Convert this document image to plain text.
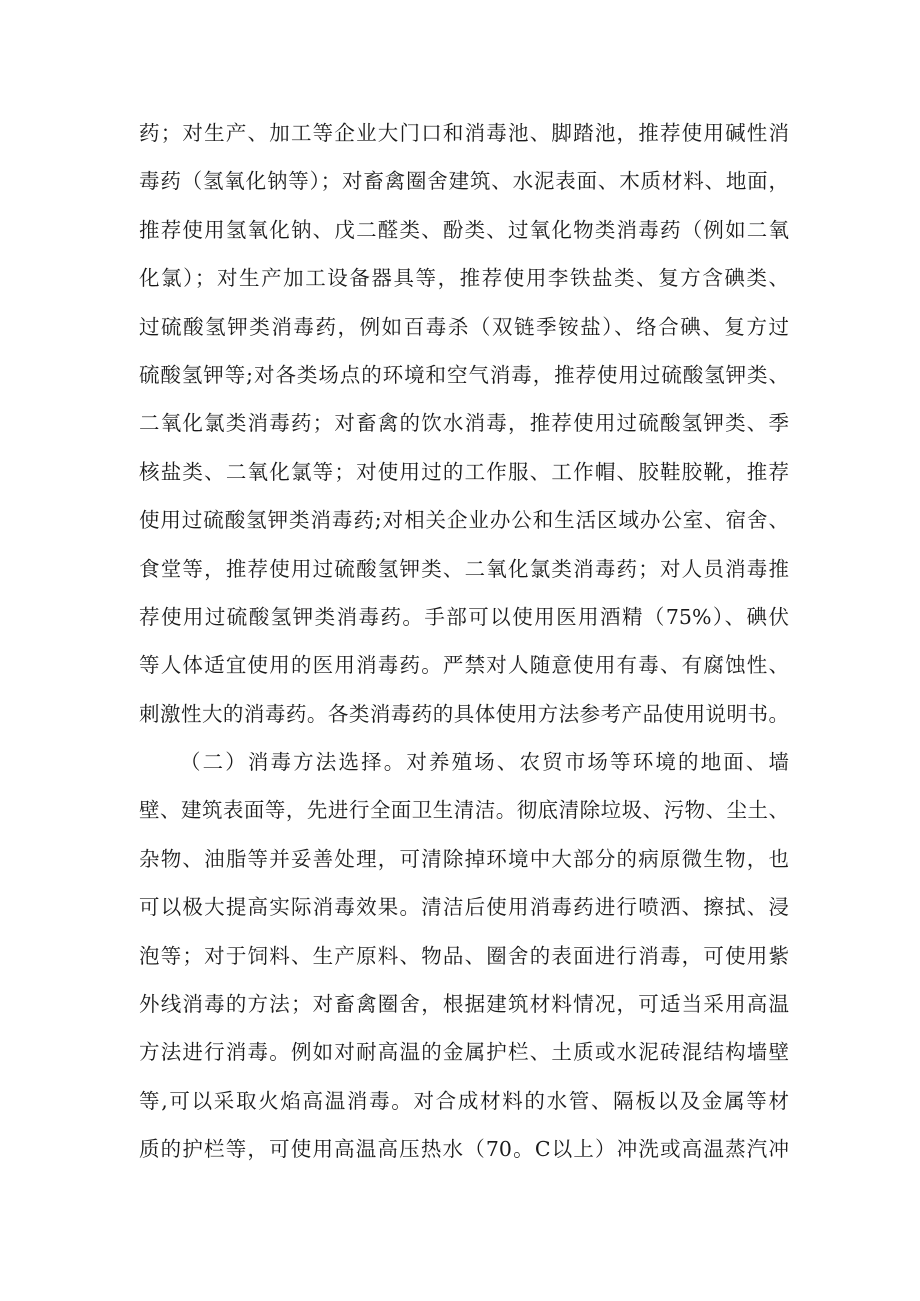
药；对生产、加工等企业大门口和消毒池、脚踏池，推荐使用碱性消
毒药（氢氧化钠等）；对畜禽圈舍建筑、水泥表面、木质材料、地面，
推荐使用氢氧化钠、戊二醛类、酚类、过氧化物类消毒药（例如二氧
化氯）；对生产加工设备器具等，推荐使用李铁盐类、复方含碘类、
过硫酸氢钾类消毒药，例如百毒杀（双链季铵盐）、络合碘、复方过
硫酸氢钾等;对各类场点的环境和空气消毒，推荐使用过硫酸氢钾类、
二氧化氯类消毒药；对畜禽的饮水消毒，推荐使用过硫酸氢钾类、季
核盐类、二氧化氯等；对使用过的工作服、工作帽、胶鞋胶靴，推荐
使用过硫酸氢钾类消毒药;对相关企业办公和生活区域办公室、宿舍、
食堂等，推荐使用过硫酸氢钾类、二氧化氯类消毒药；对人员消毒推
荐使用过硫酸氢钾类消毒药。手部可以使用医用酒精（75%）、碘伏
等人体适宜使用的医用消毒药。严禁对人随意使用有毒、有腐蚀性、
刺激性大的消毒药。各类消毒药的具体使用方法参考产品使用说明书。
（二）消毒方法选择。对养殖场、农贸市场等环境的地面、墙
壁、建筑表面等，先进行全面卫生清洁。彻底清除垃圾、污物、尘土、
杂物、油脂等并妥善处理，可清除掉环境中大部分的病原微生物，也
可以极大提高实际消毒效果。清洁后使用消毒药进行喷洒、擦拭、浸
泡等；对于饲料、生产原料、物品、圈舍的表面进行消毒，可使用紫
外线消毒的方法；对畜禽圈舍，根据建筑材料情况，可适当采用高温
方法进行消毒。例如对耐高温的金属护栏、土质或水泥砖混结构墙壁
等,可以采取火焰高温消毒。对合成材料的水管、隔板以及金属等材
质的护栏等，可使用高温高压热水（70。C以上）冲洗或高温蒸汽冲
